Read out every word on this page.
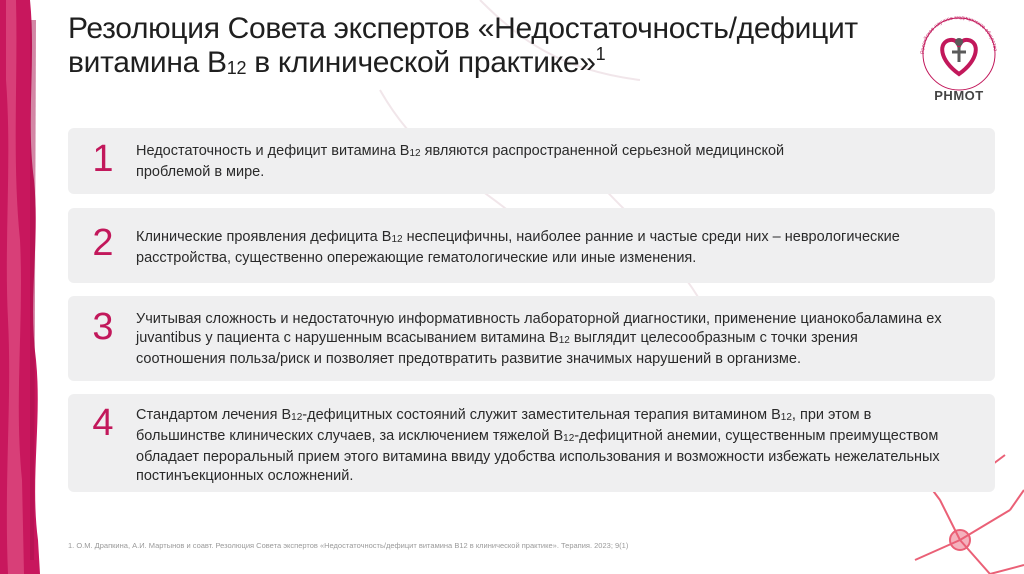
Резолюция Совета экспертов «Недостаточность/дефицит
витамина $В_{12}$ в клинической практике»$^1$	Российское научное медицинское общество
РНМОТ
1 Недостаточность и дефицит витамина $В_{12}$ являются распространенной серьезной медицинской
проблемой в мире.
2 Клинические проявления дефицита $В_{12}$ неспецифичны, наиболее ранние и частые среди них – неврологические
расстройства, существенно опережающие гематологические или иные изменения.
3 Учитывая сложность и недостаточную информативность лабораторной диагностики, применение цианокобаламина ex
juvantibus у пациента с нарушенным всасыванием витамина $В_{12}$ выглядит целесообразным с точки зрения
соотношения польза/риск и позволяет предотвратить развитие значимых нарушений в организме.
4 Стандартом лечения $В_{12}$-дефицитных состояний служит заместительная терапия витамином $В_{12}$, при этом в
большинстве клинических случаев, за исключением тяжелой $В_{12}$-дефицитной анемии, существенным преимуществом
обладает пероральный прием этого витамина ввиду удобства использования и возможности избежать нежелательных
постинъекционных осложнений.
1. О.М. Драпкина, А.И. Мартынов и соавт. Резолюция Совета экспертов «Недостаточность/дефицит витамина В12 в клинической практике». Терапия. 2023; 9(1)
